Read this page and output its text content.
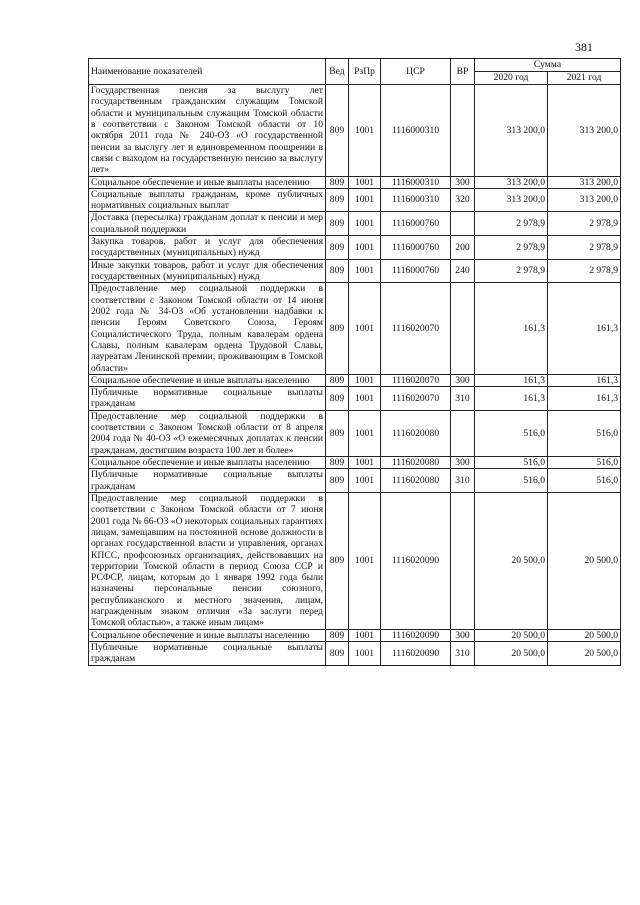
381
Наименование показателей	Вед	РзПр	ЦСР	ВР	Сумма	
					2020 год	2021 год
Государственная пенсия за выслугу лет государственным гражданским служащим Томской области и муниципальным служащим Томской области в соответствии с Законом Томской области от 10 октября 2011 года № 240-ОЗ «О государственной пенсии за выслугу лет и единовременном поощрении в связи с выходом на государственную пенсию за выслугу лет»	809	1001	1116000310		313 200,0	313 200,0
Социальное обеспечение и иные выплаты населению	809	1001	1116000310	300	313 200,0	313 200,0
Социальные выплаты гражданам, кроме публичных нормативных социальных выплат	809	1001	1116000310	320	313 200,0	313 200,0
Доставка (пересылка) гражданам доплат к пенсии и мер социальной поддержки	809	1001	1116000760		2 978,9	2 978,9
Закупка товаров, работ и услуг для обеспечения государственных (муниципальных) нужд	809	1001	1116000760	200	2 978,9	2 978,9
Иные закупки товаров, работ и услуг для обеспечения государственных (муниципальных) нужд	809	1001	1116000760	240	2 978,9	2 978,9
Предоставление мер социальной поддержки в соответствии с Законом Томской области от 14 июня 2002 года № 34-ОЗ «Об установлении надбавки к пенсии Героям Советского Союза, Героям Социалистического Труда, полным кавалерам ордена Славы, полным кавалерам ордена Трудовой Славы, лауреатам Ленинской премии, проживающим в Томской области»	809	1001	1116020070		161,3	161,3
Социальное обеспечение и иные выплаты населению	809	1001	1116020070	300	161,3	161,3
Публичные нормативные социальные выплаты гражданам	809	1001	1116020070	310	161,3	161,3
Предоставление мер социальной поддержки в соответствии с Законом Томской области от 8 апреля 2004 года № 40-ОЗ «О ежемесячных доплатах к пенсии гражданам, достигшим возраста 100 лет и более»	809	1001	1116020080		516,0	516,0
Социальное обеспечение и иные выплаты населению	809	1001	1116020080	300	516,0	516,0
Публичные нормативные социальные выплаты гражданам	809	1001	1116020080	310	516,0	516,0
Предоставление мер социальной поддержки в соответствии с Законом Томской области от 7 июня 2001 года № 66-ОЗ «О некоторых социальных гарантиях лицам, замещавшим на постоянной основе должности в органах государственной власти и управления, органах КПСС, профсоюзных организациях, действовавших на территории Томской области в период Союза ССР и РСФСР, лицам, которым до 1 января 1992 года были назначены персональные пенсии союзного, республиканского и местного значения, лицам, награжденным знаком отличия «За заслуги перед Томской областью», а также иным лицам»	809	1001	1116020090		20 500,0	20 500,0
Социальное обеспечение и иные выплаты населению	809	1001	1116020090	300	20 500,0	20 500,0
Публичные нормативные социальные выплаты гражданам	809	1001	1116020090	310	20 500,0	20 500,0
